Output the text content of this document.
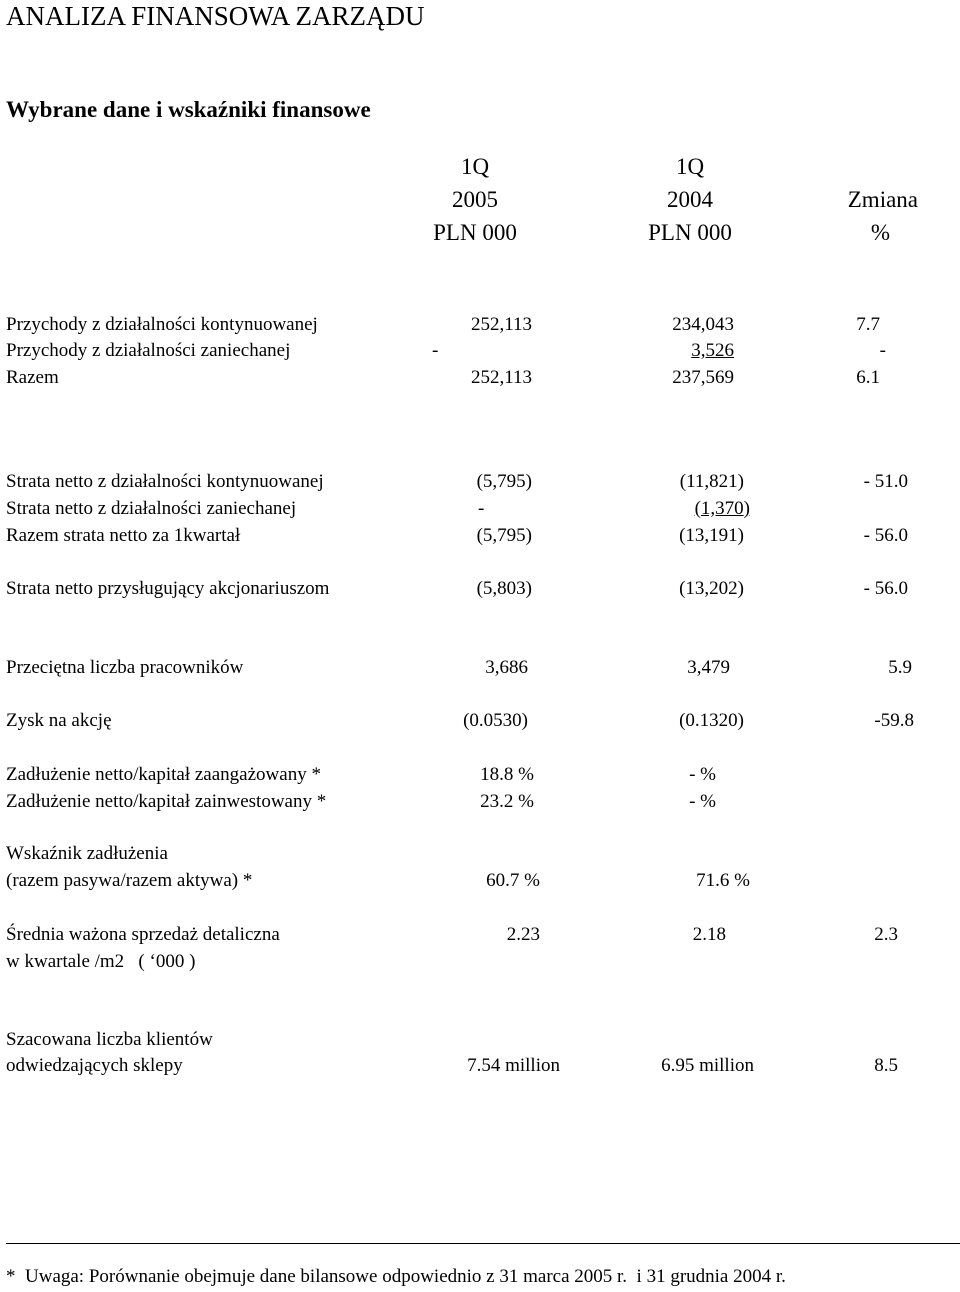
ANALIZA FINANSOWA ZARZĄDU
Wybrane dane i wskaźniki finansowe
1Q
2005
PLN 000
1Q
2004
PLN 000
Zmiana
%
Przychody z działalności kontynuowanej
Przychody z działalności zaniechanej
Razem
Strata netto z działalności kontynuowanej
Strata netto z działalności zaniechanej
Razem strata netto za 1kwartał
Strata netto przysługujący akcjonariuszom
Przeciętna liczba pracowników
Zysk na akcję
Zadłużenie netto/kapitał zaangażowany *
Zadłużenie netto/kapitał zainwestowany *
Wskaźnik zadłużenia
(razem pasywa/razem aktywa) *
Średnia ważona sprzedaż detaliczna
w kwartale /m2   ( ‘000 )
Szacowana liczba klientów
odwiedzających sklepy
252,113
-
252,113
(5,795)
-
(5,795)
(5,803)
3,686
(0.0530)
18.8 %
23.2 %
60.7 %
2.23
7.54 million
234,043
3,526
237,569
(11,821)
(1,370)
(13,191)
(13,202)
3,479
(0.1320)
- %
- %
71.6 %
2.18
6.95 million
7.7
-
6.1
- 51.0
- 56.0
- 56.0
5.9
-59.8
2.3
8.5
*  Uwaga: Porównanie obejmuje dane bilansowe odpowiednio z 31 marca 2005 r.  i 31 grudnia 2004 r.
